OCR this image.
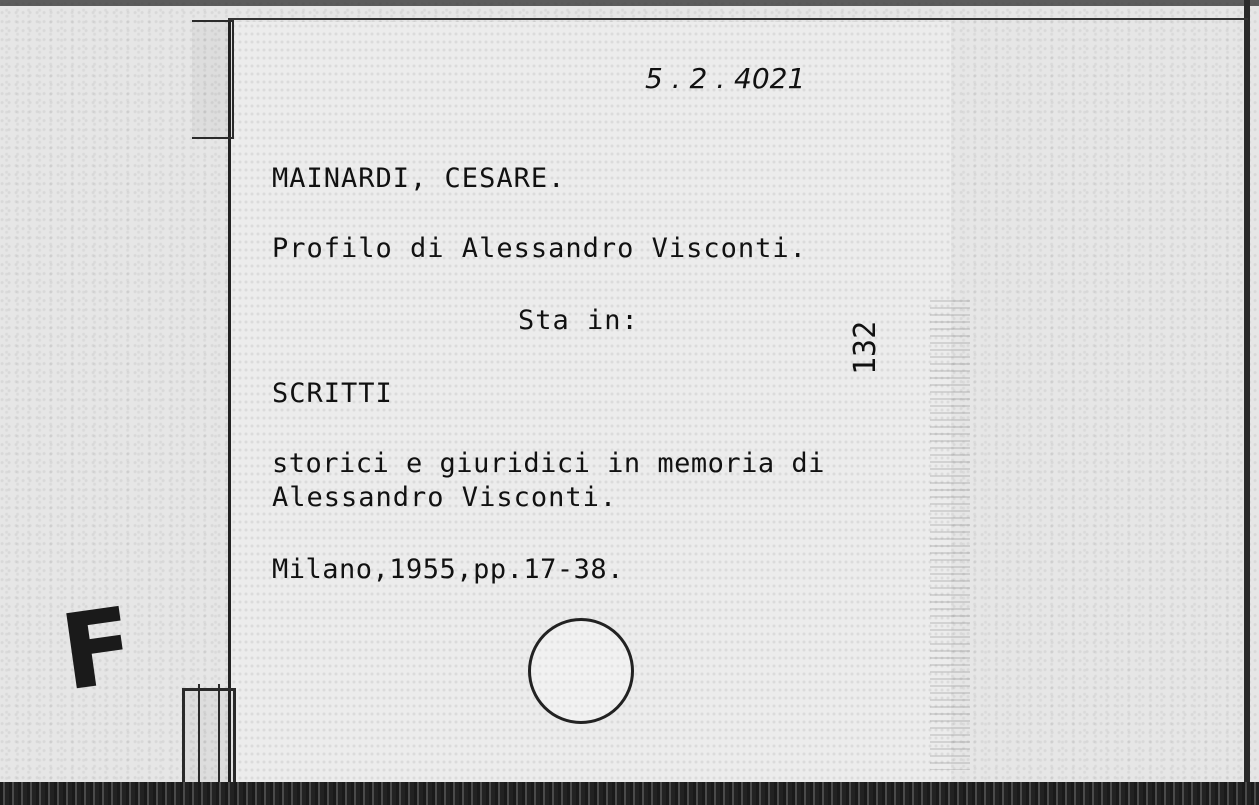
5 . 2 . 4021
MAINARDI, CESARE.
Profilo di Alessandro Visconti.
Sta in:
SCRITTI
storici e giuridici in memoria di
Alessandro Visconti.
Milano,1955,pp.17-38.
132
F
